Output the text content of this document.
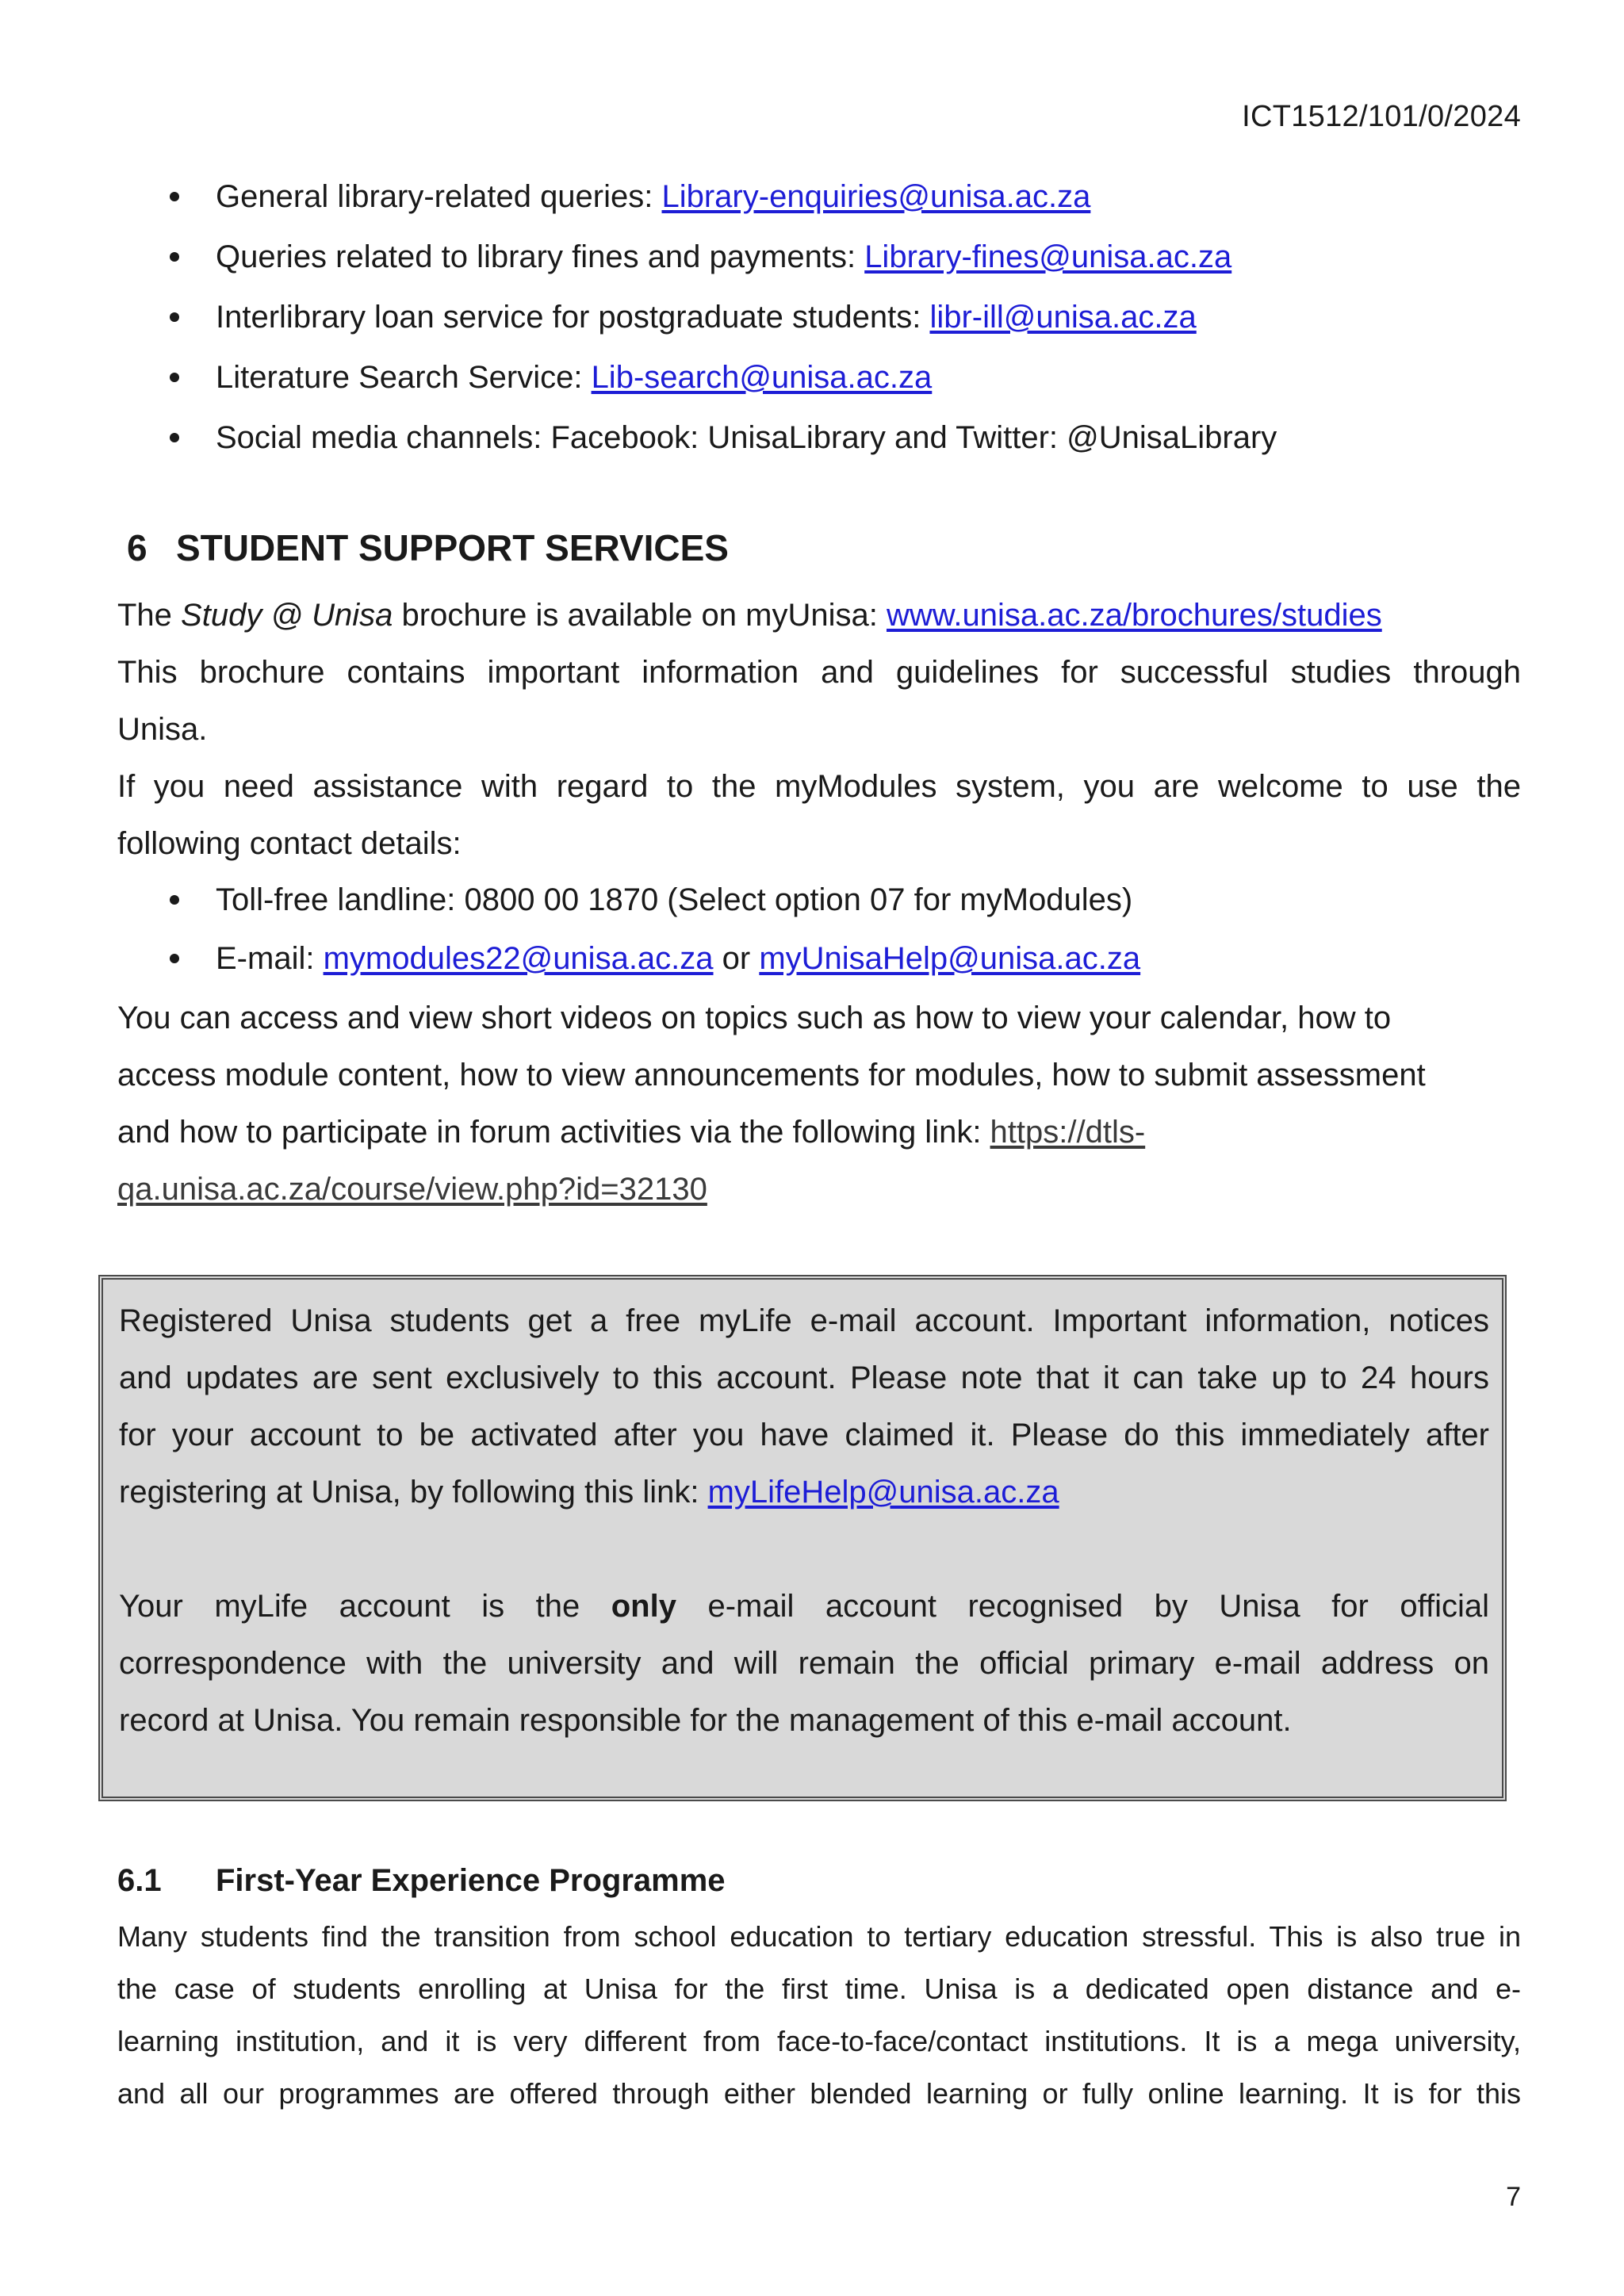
ICT1512/101/0/2024
General library-related queries: Library-enquiries@unisa.ac.za
Queries related to library fines and payments: Library-fines@unisa.ac.za
Interlibrary loan service for postgraduate students: libr-ill@unisa.ac.za
Literature Search Service: Lib-search@unisa.ac.za
Social media channels: Facebook: UnisaLibrary and Twitter: @UnisaLibrary
6 STUDENT SUPPORT SERVICES
The Study @ Unisa brochure is available on myUnisa: www.unisa.ac.za/brochures/studies
This brochure contains important information and guidelines for successful studies through
Unisa.
If you need assistance with regard to the myModules system, you are welcome to use the
following contact details:
Toll-free landline: 0800 00 1870 (Select option 07 for myModules)
E-mail: mymodules22@unisa.ac.za or myUnisaHelp@unisa.ac.za
You can access and view short videos on topics such as how to view your calendar, how to
access module content, how to view announcements for modules, how to submit assessment
and how to participate in forum activities via the following link: https://dtls-
qa.unisa.ac.za/course/view.php?id=32130
Registered Unisa students get a free myLife e-mail account. Important information, notices
and updates are sent exclusively to this account. Please note that it can take up to 24 hours
for your account to be activated after you have claimed it. Please do this immediately after
registering at Unisa, by following this link: myLifeHelp@unisa.ac.za
Your myLife account is the only e-mail account recognised by Unisa for official
correspondence with the university and will remain the official primary e-mail address on
record at Unisa. You remain responsible for the management of this e-mail account.
6.1 First-Year Experience Programme
Many students find the transition from school education to tertiary education stressful. This is also true in
the case of students enrolling at Unisa for the first time. Unisa is a dedicated open distance and e-
learning institution, and it is very different from face-to-face/contact institutions. It is a mega university,
and all our programmes are offered through either blended learning or fully online learning. It is for this
7
